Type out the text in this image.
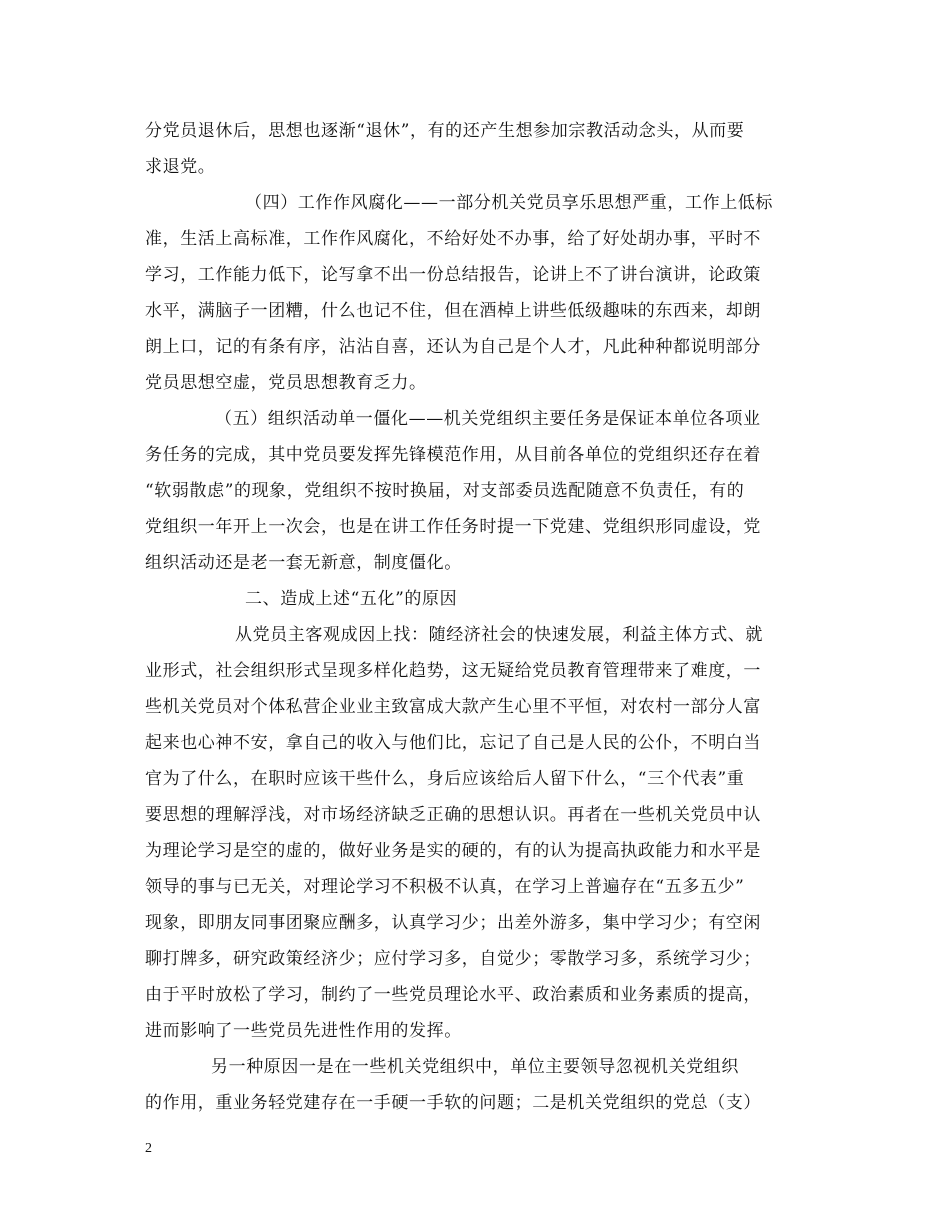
分党员退休后，思想也逐渐“退休”，有的还产生想参加宗教活动念头，从而要
求退党。
（四）工作作风腐化——一部分机关党员享乐思想严重，工作上低标
准，生活上高标准，工作作风腐化，不给好处不办事，给了好处胡办事，平时不
学习，工作能力低下，论写拿不出一份总结报告，论讲上不了讲台演讲，论政策
水平，满脑子一团糟，什么也记不住，但在酒棹上讲些低级趣味的东西来，却朗
朗上口，记的有条有序，沾沾自喜，还认为自己是个人才，凡此种种都说明部分
党员思想空虚，党员思想教育乏力。
（五）组织活动单一僵化——机关党组织主要任务是保证本单位各项业
务任务的完成，其中党员要发挥先锋模范作用，从目前各单位的党组织还存在着
“软弱散虑”的现象，党组织不按时换届，对支部委员选配随意不负责任，有的
党组织一年开上一次会，也是在讲工作任务时提一下党建、党组织形同虚设，党
组织活动还是老一套无新意，制度僵化。
二、造成上述“五化”的原因
从党员主客观成因上找：随经济社会的快速发展，利益主体方式、就
业形式，社会组织形式呈现多样化趋势，这无疑给党员教育管理带来了难度，一
些机关党员对个体私营企业业主致富成大款产生心里不平恒，对农村一部分人富
起来也心神不安，拿自己的收入与他们比，忘记了自己是人民的公仆，不明白当
官为了什么，在职时应该干些什么，身后应该给后人留下什么，“三个代表”重
要思想的理解浮浅，对市场经济缺乏正确的思想认识。再者在一些机关党员中认
为理论学习是空的虚的，做好业务是实的硬的，有的认为提高执政能力和水平是
领导的事与已无关，对理论学习不积极不认真，在学习上普遍存在“五多五少”
现象，即朋友同事团聚应酬多，认真学习少；出差外游多，集中学习少；有空闲
聊打牌多，研究政策经济少；应付学习多，自觉少；零散学习多，系统学习少；
由于平时放松了学习，制约了一些党员理论水平、政治素质和业务素质的提高，
进而影响了一些党员先进性作用的发挥。
另一种原因一是在一些机关党组织中，单位主要领导忽视机关党组织
的作用，重业务轻党建存在一手硬一手软的问题；二是机关党组织的党总（支）
2
